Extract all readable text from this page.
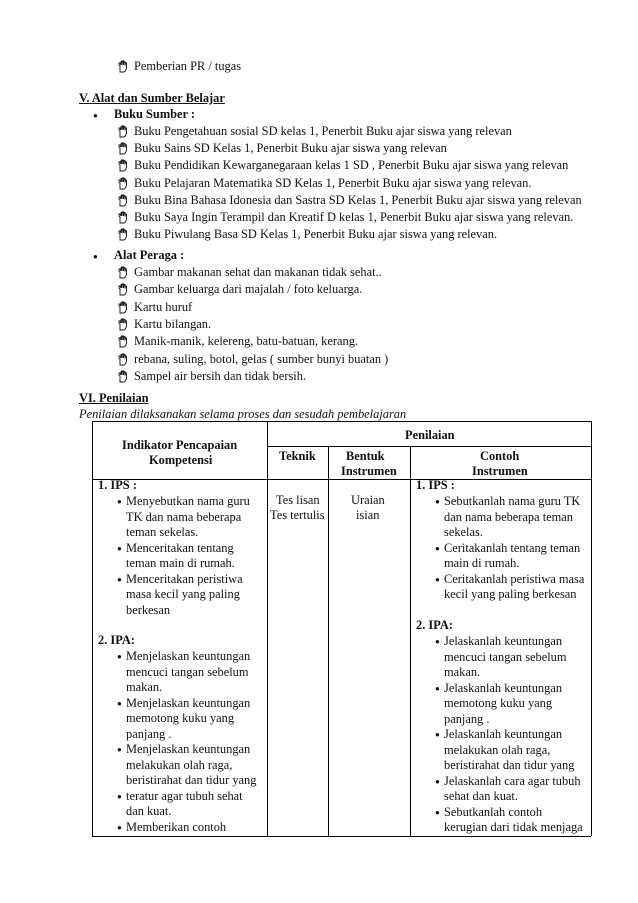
Pemberian PR / tugas
V. Alat dan Sumber Belajar
● Buku Sumber :
Buku Pengetahuan sosial SD kelas 1, Penerbit Buku ajar siswa yang relevan
Buku Sains SD Kelas 1, Penerbit Buku ajar siswa yang relevan
Buku Pendidikan Kewarganegaraan kelas 1 SD , Penerbit Buku ajar siswa yang relevan
Buku Pelajaran Matematika SD Kelas 1, Penerbit Buku ajar siswa yang relevan.
Buku Bina Bahasa Idonesia dan Sastra SD Kelas 1, Penerbit Buku ajar siswa yang relevan
Buku Saya Ingin Terampil dan Kreatif D kelas 1, Penerbit Buku ajar siswa yang relevan.
Buku Piwulang Basa SD Kelas 1, Penerbit Buku ajar siswa yang relevan.
● Alat Peraga :
Gambar makanan sehat dan makanan tidak sehat..
Gambar keluarga dari majalah / foto keluarga.
Kartu huruf
Kartu bilangan.
Manik-manik, kelereng, batu-batuan, kerang.
rebana, suling, botol, gelas ( sumber bunyi buatan )
Sampel air bersih dan tidak bersih.
VI. Penilaian
Penilaian dilaksanakan selama proses dan sesudah pembelajaran
Indikator Pencapaian
Kompetensi
Penilaian
Teknik Bentuk
Instrumen
Contoh
Instrumen
Tes lisan
Tes tertulis
Uraian
isian
1. IPS :
● Menyebutkan nama guru
TK dan nama beberapa
teman sekelas.
● Menceritakan tentang
teman main di rumah.
● Menceritakan peristiwa
masa kecil yang paling
berkesan
2. IPA:
● Menjelaskan keuntungan
mencuci tangan sebelum
makan.
● Menjelaskan keuntungan
memotong kuku yang
panjang .
● Menjelaskan keuntungan
melakukan olah raga,
beristirahat dan tidur yang
● teratur agar tubuh sehat
dan kuat.
● Memberikan contoh
1. IPS :
● Sebutkanlah nama guru TK
dan nama beberapa teman
sekelas.
● Ceritakanlah tentang teman
main di rumah.
● Ceritakanlah peristiwa masa
kecil yang paling berkesan
2. IPA:
● Jelaskanlah keuntungan
mencuci tangan sebelum
makan.
● Jelaskanlah keuntungan
memotong kuku yang
panjang .
● Jelaskanlah keuntungan
melakukan olah raga,
beristirahat dan tidur yang
● Jelaskanlah cara agar tubuh
sehat dan kuat.
● Sebutkanlah contoh
kerugian dari tidak menjaga
